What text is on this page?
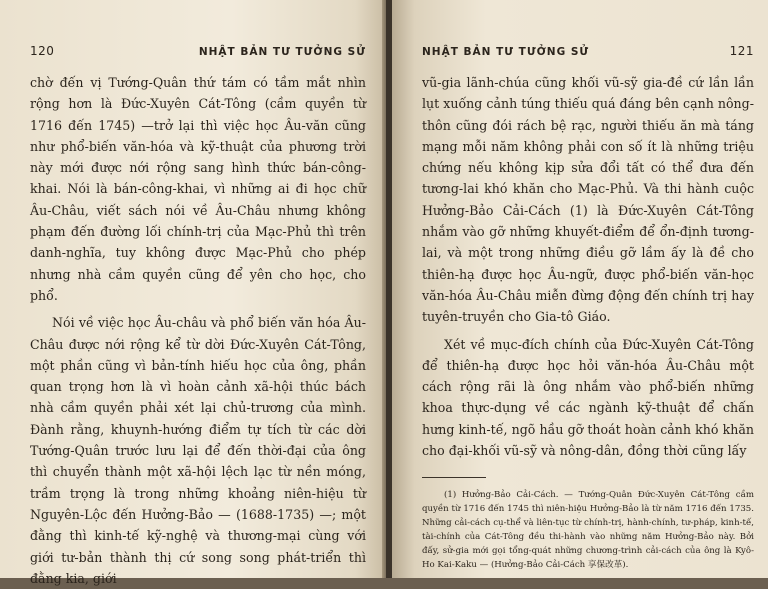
120	NHẬT BẢN TƯ TƯỞNG SỬ

chờ đến vị Tướng-Quân thứ tám có tầm mắt nhìn rộng hơn là Đức-Xuyên Cát-Tông (cầm quyền từ 1716 đến 1745) —trở lại thì việc học Âu-văn cũng như phổ-biến văn-hóa và kỹ-thuật của phương trời này mới được nới rộng sang hình thức bán-công-khai. Nói là bán-công-khai, vì những ai đi học chữ Âu-Châu, viết sách nói về Âu-Châu nhưng không phạm đến đường lối chính-trị của Mạc-Phủ thì trên danh-nghĩa, tuy không được Mạc-Phủ cho phép nhưng nhà cầm quyền cũng để yên cho học, cho phổ.

Nói về việc học Âu-châu và phổ biến văn hóa Âu-Châu được nới rộng kể từ dời Đức-Xuyên Cát-Tông, một phần cũng vì bản-tính hiếu học của ông, phần quan trọng hơn là vì hoàn cảnh xã-hội thúc bách nhà cầm quyền phải xét lại chủ-trương của mình. Đành rằng, khuynh-hướng điểm tự tích từ các dời Tướng-Quân trước lưu lại để đến thời-đại của ông thì chuyển thành một xã-hội lệch lạc từ nền móng, trầm trọng là trong những khoảng niên-hiệu từ Nguyên-Lộc đến Hưởng-Bảo — (1688-1735) —; một đằng thì kinh-tế kỹ-nghệ và thương-mại cùng với giới tư-bản thành thị cứ song song phát-triển thì đằng kia, giới

NHẬT BẢN TƯ TƯỞNG SỬ	121

vũ-gia lãnh-chúa cũng khối vũ-sỹ gia-đề cứ lần lần lụt xuống cảnh túng thiếu quá đáng bên cạnh nông-thôn cũng đói rách bệ rạc, người thiếu ăn mà táng mạng mỗi năm không phải con số ít là những triệu chứng nếu không kịp sửa đổi tất có thể đưa đến tương-lai khó khăn cho Mạc-Phủ. Và thi hành cuộc Hưởng-Bảo Cải-Cách (1) là Đức-Xuyên Cát-Tông nhắm vào gỡ những khuyết-điểm để ổn-định tương-lai, và một trong những điều gỡ lầm ấy là đề cho thiên-hạ được học Âu-ngữ, được phổ-biến văn-học văn-hóa Âu-Châu miễn đừng động đến chính trị hay tuyên-truyền cho Gia-tô Giáo.

Xét về mục-đích chính của Đức-Xuyên Cát-Tông để thiên-hạ được học hỏi văn-hóa Âu-Châu một cách rộng rãi là ông nhắm vào phổ-biến những khoa thực-dụng về các ngành kỹ-thuật để chấn hưng kinh-tế, ngõ hầu gỡ thoát hoàn cảnh khó khăn cho đại-khối vũ-sỹ và nông-dân, đồng thời cũng lấy

(1) Hưởng-Bảo Cải-Cách. — Tướng-Quân Đức-Xuyên Cát-Tông cầm quyền từ 1716 đến 1745 thì niên-hiệu Hưởng-Bảo là từ năm 1716 đến 1735. Những cải-cách cụ-thể và liên-tục từ chính-trị, hành-chính, tư-pháp, kinh-tế, tài-chính của Cát-Tông đều thi-hành vào những năm Hưởng-Bảo này. Bởi đấy, sử-gia mới gọi tổng-quát những chương-trình cải-cách của ông là Kyô-Ho Kai-Kaku — (Hưởng-Bảo Cải-Cách 享保改革).
